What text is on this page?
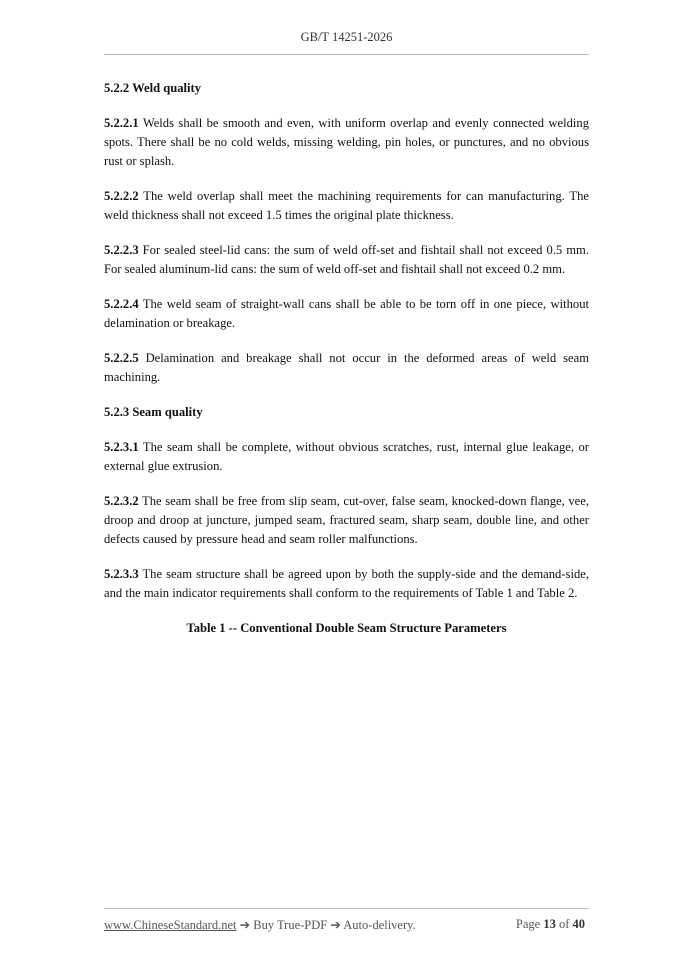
GB/T 14251-2026

5.2.2 Weld quality

5.2.2.1 Welds shall be smooth and even, with uniform overlap and evenly connected welding spots. There shall be no cold welds, missing welding, pin holes, or punctures, and no obvious rust or splash.

5.2.2.2 The weld overlap shall meet the machining requirements for can manufacturing. The weld thickness shall not exceed 1.5 times the original plate thickness.

5.2.2.3 For sealed steel-lid cans: the sum of weld off-set and fishtail shall not exceed 0.5 mm. For sealed aluminum-lid cans: the sum of weld off-set and fishtail shall not exceed 0.2 mm.

5.2.2.4 The weld seam of straight-wall cans shall be able to be torn off in one piece, without delamination or breakage.

5.2.2.5 Delamination and breakage shall not occur in the deformed areas of weld seam machining.

5.2.3 Seam quality

5.2.3.1 The seam shall be complete, without obvious scratches, rust, internal glue leakage, or external glue extrusion.

5.2.3.2 The seam shall be free from slip seam, cut-over, false seam, knocked-down flange, vee, droop and droop at juncture, jumped seam, fractured seam, sharp seam, double line, and other defects caused by pressure head and seam roller malfunctions.

5.2.3.3 The seam structure shall be agreed upon by both the supply-side and the demand-side, and the main indicator requirements shall conform to the requirements of Table 1 and Table 2.

Table 1 -- Conventional Double Seam Structure Parameters

www.ChineseStandard.net ➔ Buy True-PDF ➔ Auto-delivery.	Page 13 of 40
